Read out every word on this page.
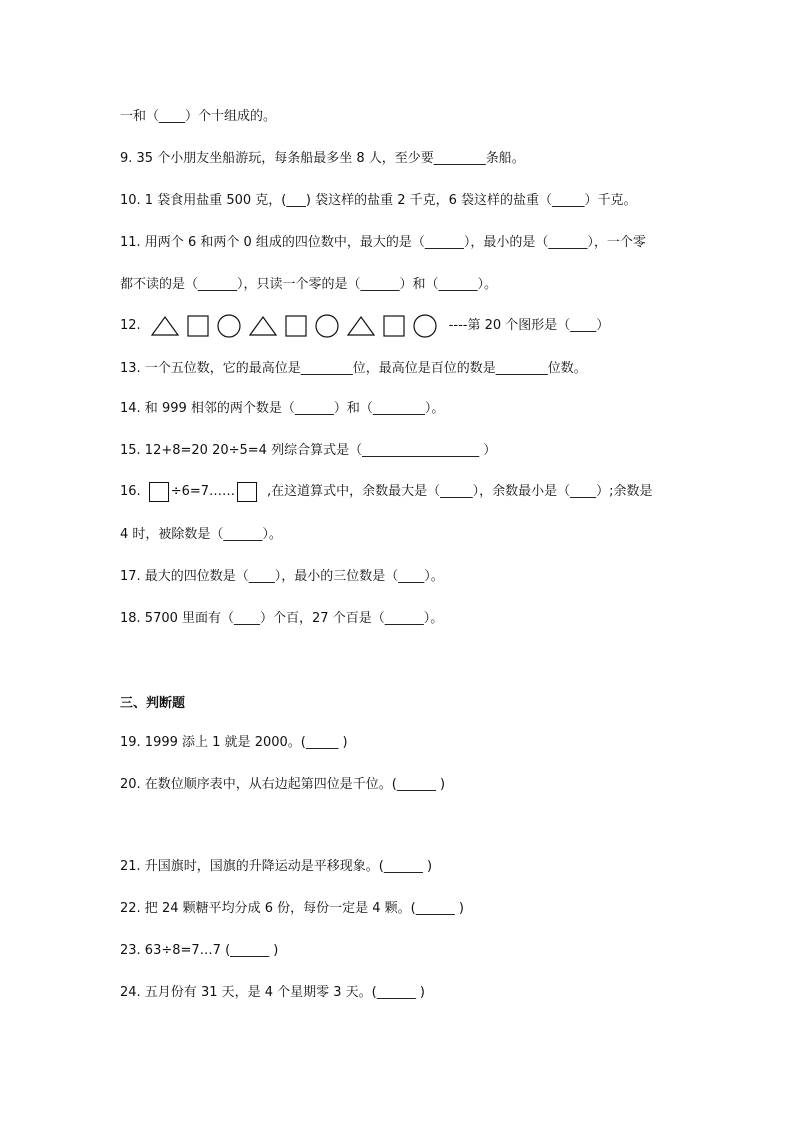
一和（____）个十组成的。
9. 35 个小朋友坐船游玩，每条船最多坐 8 人，至少要________条船。
10. 1 袋食用盐重 500 克，(___) 袋这样的盐重 2 千克，6 袋这样的盐重（_____）千克。
11. 用两个 6 和两个 0 组成的四位数中，最大的是（______），最小的是（______），一个零
都不读的是（______），只读一个零的是（______）和（______）。
12.	----第 20 个图形是（____）
13. 一个五位数，它的最高位是________位，最高位是百位的数是________位数。
14. 和 999 相邻的两个数是（______）和（________）。
15. 12+8=20 20÷5=4 列综合算式是（__________________ ）
16. ÷6=7…… ,在这道算式中，余数最大是（_____），余数最小是（____）;余数是
4 时，被除数是（______）。
17. 最大的四位数是（____），最小的三位数是（____）。
18. 5700 里面有（____）个百，27 个百是（______）。
三、判断题
19. 1999 添上 1 就是 2000。(_____ )
20. 在数位顺序表中，从右边起第四位是千位。(______ )
21. 升国旗时，国旗的升降运动是平移现象。(______ )
22. 把 24 颗糖平均分成 6 份，每份一定是 4 颗。(______ )
23. 63÷8=7…7 (______ )
24. 五月份有 31 天，是 4 个星期零 3 天。(______ )
